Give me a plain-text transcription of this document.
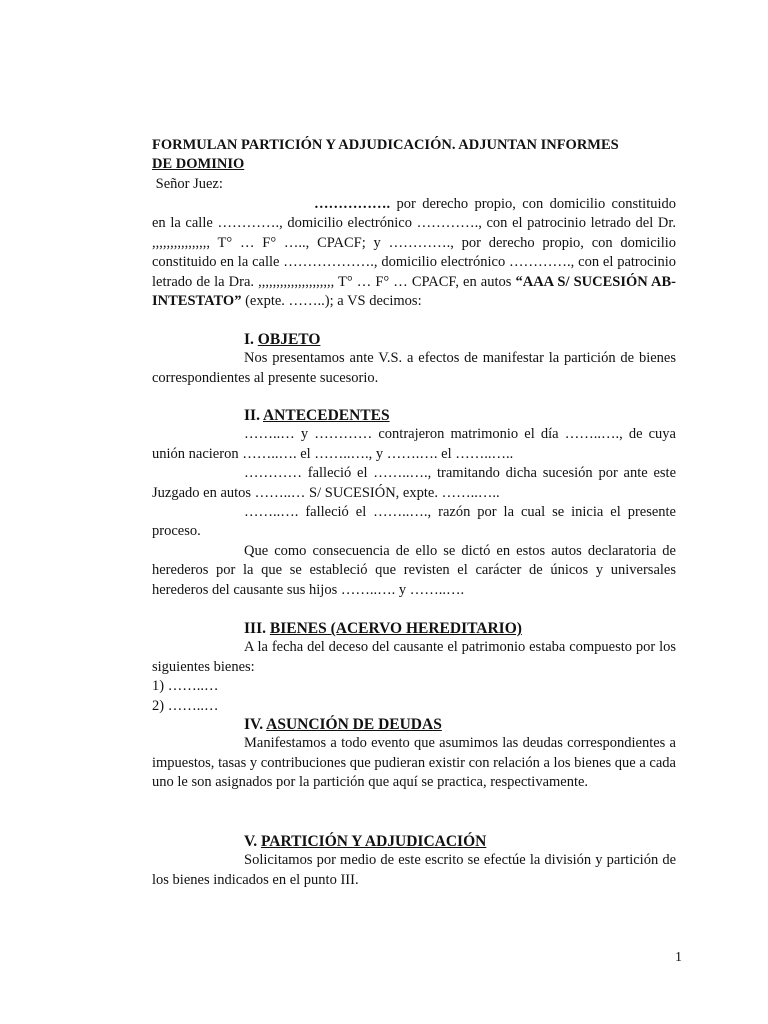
FORMULAN PARTICIÓN Y ADJUDICACIÓN. ADJUNTAN INFORMES

DE DOMINIO

Señor Juez:

……………. por derecho propio, con domicilio constituido en la calle …………., domicilio electrónico …………., con el patrocinio letrado del Dr. ,,,,,,,,,,,,,,,, T° … F° ….., CPACF; y …………., por derecho propio, con domicilio constituido en la calle ………………., domicilio electrónico …………., con el patrocinio letrado de la Dra. ,,,,,,,,,,,,,,,,,,,,, T° … F° … CPACF, en autos “AAA S/ SUCESIÓN AB-INTESTATO” (expte. ……..); a VS decimos:

I. OBJETO

Nos presentamos ante V.S. a efectos de manifestar la partición de bienes correspondientes al presente sucesorio.

II. ANTECEDENTES

……..… y ………… contrajeron matrimonio el día ……..…., de cuya unión nacieron ……..…. el ……..…., y …….…. el ……..…..

………… falleció el ……..…., tramitando dicha sucesión por ante este Juzgado en autos ……..… S/ SUCESIÓN, expte. ……..…..

……..…. falleció el ……..…., razón por la cual se inicia el presente proceso.

Que como consecuencia de ello se dictó en estos autos declaratoria de herederos por la que se estableció que revisten el carácter de únicos y universales herederos del causante sus hijos ……..…. y ……..….

III. BIENES (ACERVO HEREDITARIO)

A la fecha del deceso del causante el patrimonio estaba compuesto por los siguientes bienes:

1) ……..…

2) ……..…

IV. ASUNCIÓN DE DEUDAS

Manifestamos a todo evento que asumimos las deudas correspondientes a impuestos, tasas y contribuciones que pudieran existir con relación a los bienes que a cada uno le son asignados por la partición que aquí se practica, respectivamente.

V. PARTICIÓN Y ADJUDICACIÓN

Solicitamos por medio de este escrito se efectúe la división y partición de los bienes indicados en el punto III.

1
